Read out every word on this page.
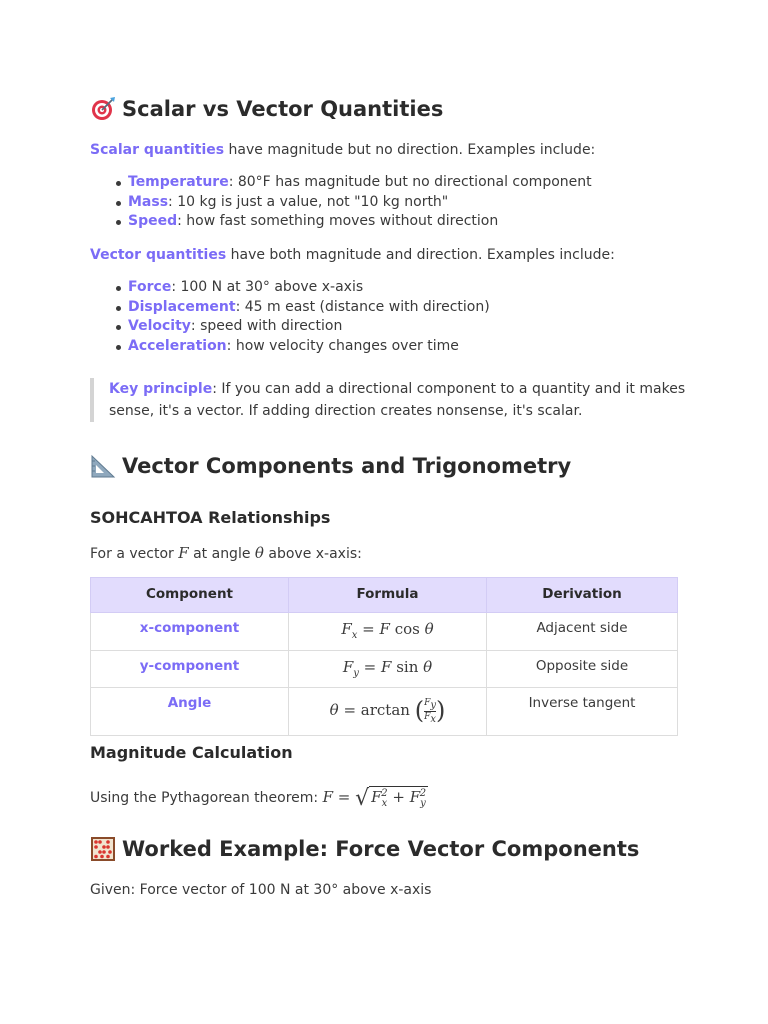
Scalar vs Vector Quantities

Scalar quantities have magnitude but no direction. Examples include:

Temperature: 80°F has magnitude but no directional component
Mass: 10 kg is just a value, not "10 kg north"
Speed: how fast something moves without direction

Vector quantities have both magnitude and direction. Examples include:

Force: 100 N at 30° above x-axis
Displacement: 45 m east (distance with direction)
Velocity: speed with direction
Acceleration: how velocity changes over time
Key principle: If you can add a directional component to a quantity and it makes
sense, it's a vector. If adding direction creates nonsense, it's scalar.
Vector Components and Trigonometry
SOHCAHTOA Relationships

For a vector F at angle θ above x-axis:

Component	Formula	Derivation
x-component	$F_x = F$ cos θ	Adjacent side
y-component	$F_y = F$ sin θ	Opposite side
Angle	θ = arctan ( $\frac{F_y}{F_x}$ )	Inverse tangent
Magnitude Calculation

Using the Pythagorean theorem: F = √ $F_x^2 + F_y^2$

Worked Example: Force Vector Components

Given: Force vector of 100 N at 30° above x-axis
